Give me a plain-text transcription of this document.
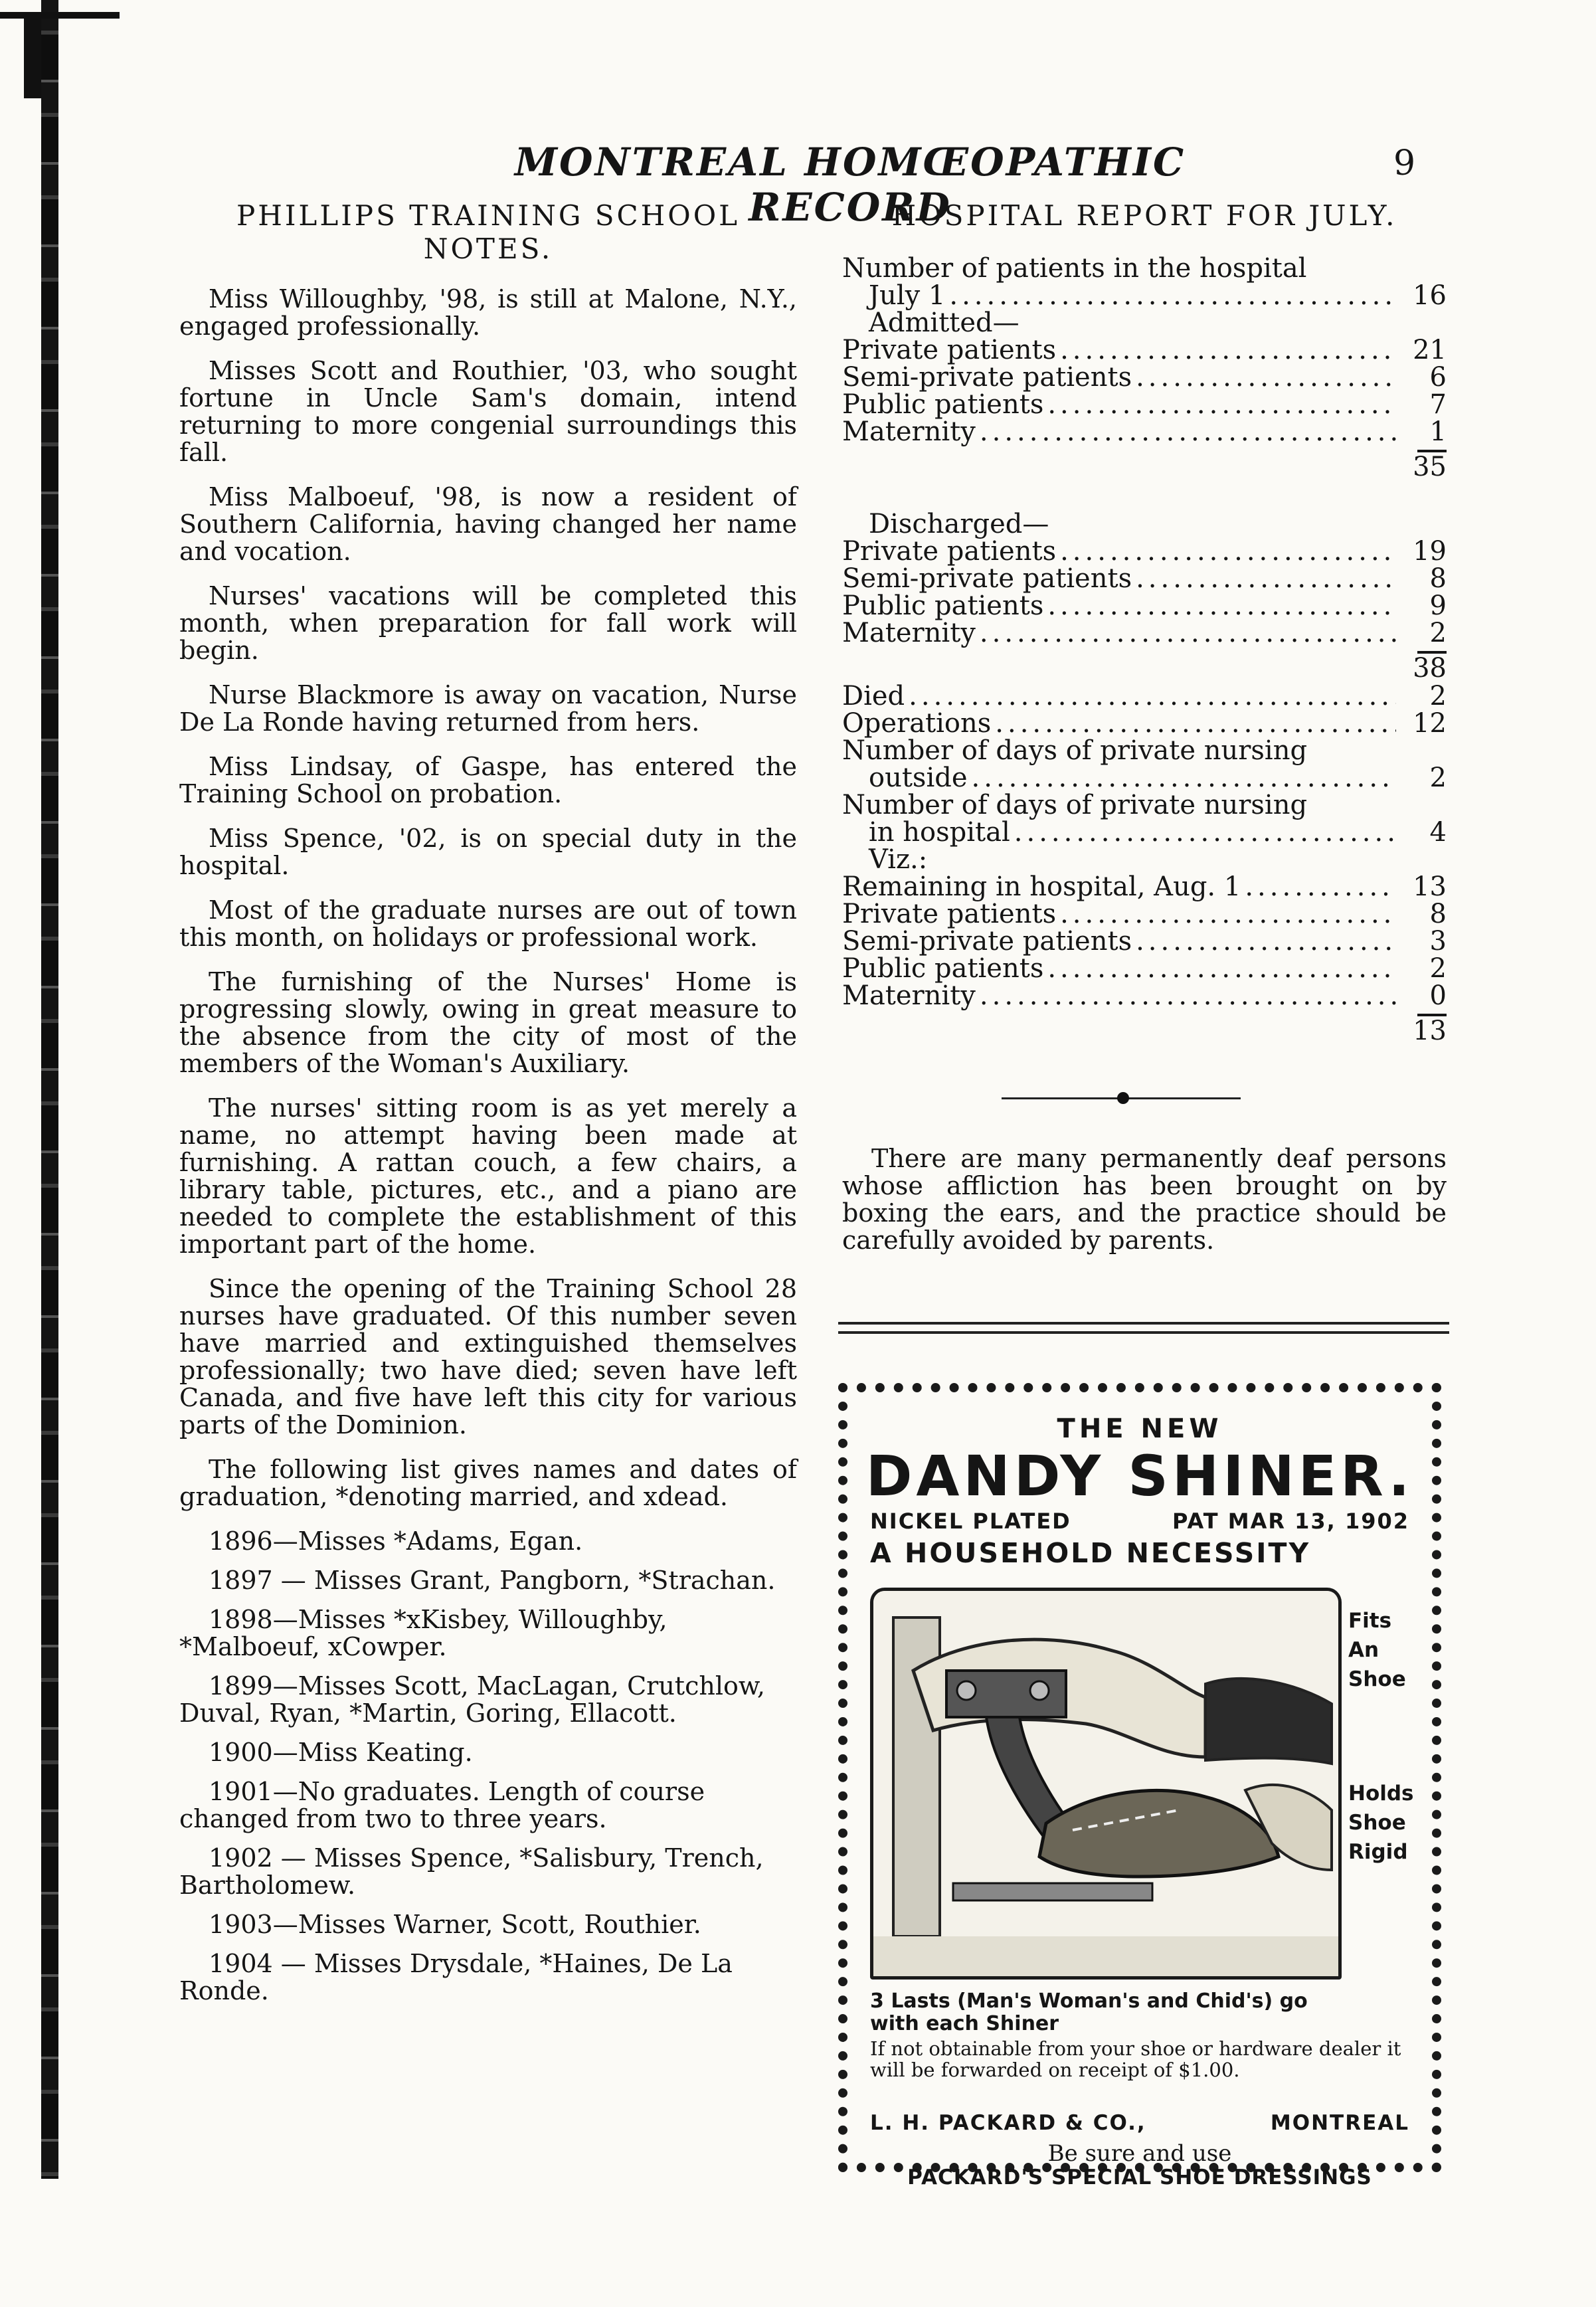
MONTREAL HOMŒOPATHIC RECORD
9
PHILLIPS TRAINING SCHOOL
NOTES.

Miss Willoughby, '98, is still at Malone, N.Y., engaged professionally.

Misses Scott and Routhier, '03, who sought fortune in Uncle Sam's domain, intend returning to more congenial surroundings this fall.

Miss Malboeuf, '98, is now a resident of Southern California, having changed her name and vocation.

Nurses' vacations will be completed this month, when preparation for fall work will begin.

Nurse Blackmore is away on vacation, Nurse De La Ronde having returned from hers.

Miss Lindsay, of Gaspe, has entered the Training School on probation.

Miss Spence, '02, is on special duty in the hospital.

Most of the graduate nurses are out of town this month, on holidays or professional work.

The furnishing of the Nurses' Home is progressing slowly, owing in great measure to the absence from the city of most of the members of the Woman's Auxiliary.

The nurses' sitting room is as yet merely a name, no attempt having been made at furnishing. A rattan couch, a few chairs, a library table, pictures, etc., and a piano are needed to complete the establishment of this important part of the home.

Since the opening of the Training School 28 nurses have graduated. Of this number seven have married and extinguished themselves professionally; two have died; seven have left Canada, and five have left this city for various parts of the Dominion.

The following list gives names and dates of graduation, *denoting married, and xdead.

1896—Misses *Adams, Egan.

1897 — Misses Grant, Pangborn, *Strachan.

1898—Misses *xKisbey, Willoughby, *Malboeuf, xCowper.

1899—Misses Scott, MacLagan, Crutchlow, Duval, Ryan, *Martin, Goring, Ellacott.

1900—Miss Keating.

1901—No graduates. Length of course changed from two to three years.

1902 — Misses Spence, *Salisbury, Trench, Bartholomew.

1903—Misses Warner, Scott, Routhier.

1904 — Misses Drysdale, *Haines, De La Ronde.

HOSPITAL REPORT FOR JULY.
Number of patients in the hospital
July 1 .....	16
Admitted—
Private patients .....	21
Semi-private patients .....	6
Public patients .....	7
Maternity .....	1
35
Discharged—
Private patients .....	19
Semi-private patients .....	8
Public patients .....	9
Maternity .....	2
38
Died .....	2
Operations .....	12
Number of days of private nursing
outside .....	2
Number of days of private nursing
in hospital .....	4
Viz.:
Remaining in hospital, Aug. 1 .....	13
Private patients .....	8
Semi-private patients .....	3
Public patients .....	2
Maternity .....	0
13

There are many permanently deaf persons whose affliction has been brought on by boxing the ears, and the practice should be carefully avoided by parents.

THE NEW
DANDY SHINER.
NICKEL PLATED	PAT MAR 13, 1902
A HOUSEHOLD NECESSITY
Fits
An
Shoe
Holds
Shoe
Rigid
3 Lasts (Man's Woman's and Chid's) go
with each Shiner
If not obtainable from your shoe or hardware dealer it will be forwarded on receipt of $1.00.
L. H. PACKARD & CO.,	MONTREAL
Be sure and use
PACKARD'S SPECIAL SHOE DRESSINGS
